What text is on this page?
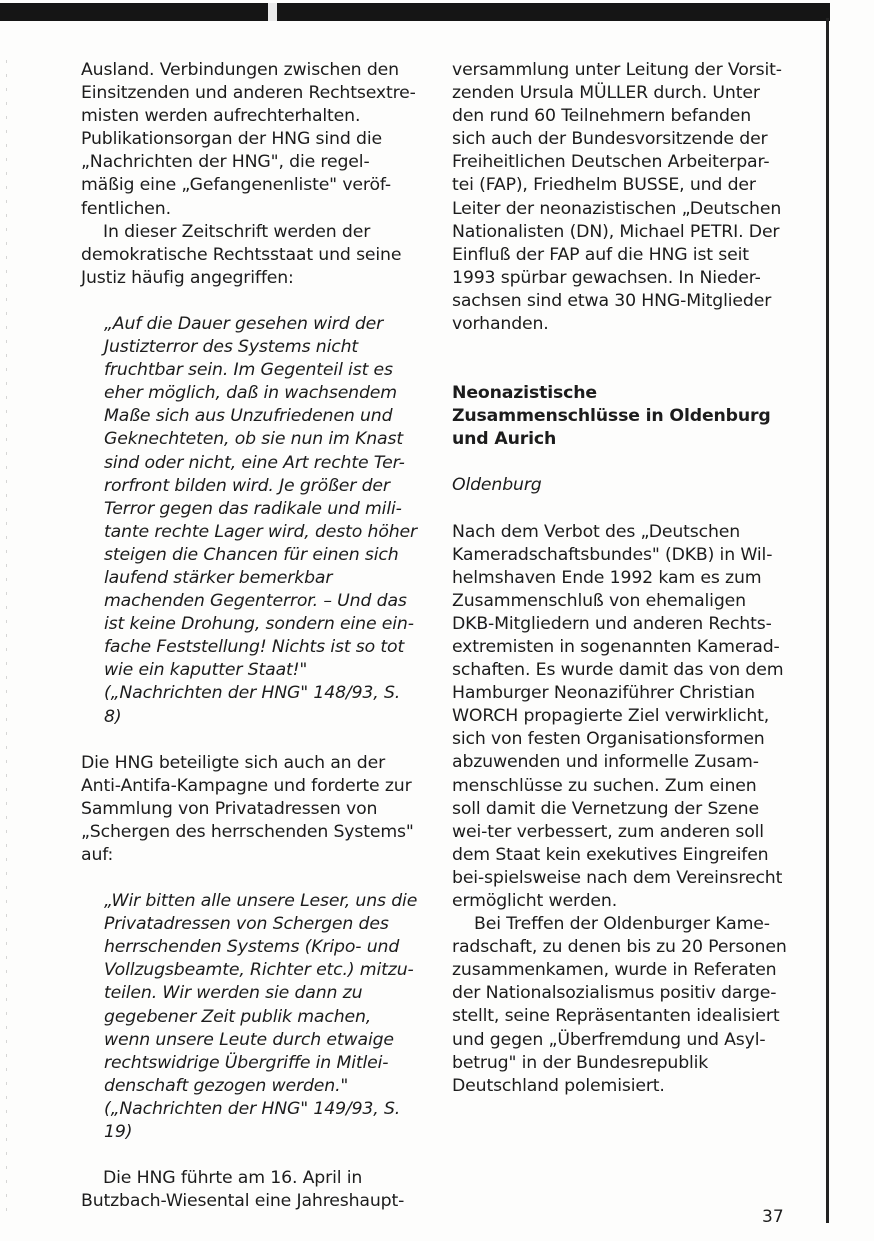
Ausland. Verbindungen zwischen den Einsitzenden und anderen Rechtsextre-misten werden aufrechterhalten. Publikationsorgan der HNG sind die „Nachrichten der HNG", die regel-mäßig eine „Gefangenenliste" veröf-fentlichen.

In dieser Zeitschrift werden der demokratische Rechtsstaat und seine Justiz häufig angegriffen:

„Auf die Dauer gesehen wird der Justizterror des Systems nicht fruchtbar sein. Im Gegenteil ist es eher möglich, daß in wachsendem Maße sich aus Unzufriedenen und Geknechteten, ob sie nun im Knast sind oder nicht, eine Art rechte Ter-rorfront bilden wird. Je größer der Terror gegen das radikale und mili-tante rechte Lager wird, desto höher steigen die Chancen für einen sich laufend stärker bemerkbar machenden Gegenterror. – Und das ist keine Drohung, sondern eine ein-fache Feststellung! Nichts ist so tot wie ein kaputter Staat!"

(„Nachrichten der HNG" 148/93, S. 8)

Die HNG beteiligte sich auch an der Anti-Antifa-Kampagne und forderte zur Sammlung von Privatadressen von „Schergen des herrschenden Systems" auf:

„Wir bitten alle unsere Leser, uns die Privatadressen von Schergen des herrschenden Systems (Kripo- und Vollzugsbeamte, Richter etc.) mitzu-teilen. Wir werden sie dann zu gegebener Zeit publik machen, wenn unsere Leute durch etwaige rechtswidrige Übergriffe in Mitlei-denschaft gezogen werden."

(„Nachrichten der HNG" 149/93, S. 19)

Die HNG führte am 16. April in Butzbach-Wiesental eine Jahreshaupt-

versammlung unter Leitung der Vorsit-zenden Ursula MÜLLER durch. Unter den rund 60 Teilnehmern befanden sich auch der Bundesvorsitzende der Freiheitlichen Deutschen Arbeiterpar-tei (FAP), Friedhelm BUSSE, und der Leiter der neonazistischen „Deutschen Nationalisten (DN), Michael PETRI. Der Einfluß der FAP auf die HNG ist seit 1993 spürbar gewachsen. In Nieder-sachsen sind etwa 30 HNG-Mitglieder vorhanden.

Neonazistische Zusammenschlüsse in Oldenburg und Aurich

Oldenburg

Nach dem Verbot des „Deutschen Kameradschaftsbundes" (DKB) in Wil-helmshaven Ende 1992 kam es zum Zusammenschluß von ehemaligen DKB-Mitgliedern und anderen Rechts-extremisten in sogenannten Kamerad-schaften. Es wurde damit das von dem Hamburger Neonaziführer Christian WORCH propagierte Ziel verwirklicht, sich von festen Organisationsformen abzuwenden und informelle Zusam-menschlüsse zu suchen. Zum einen soll damit die Vernetzung der Szene wei-ter verbessert, zum anderen soll dem Staat kein exekutives Eingreifen bei-spielsweise nach dem Vereinsrecht ermöglicht werden.

Bei Treffen der Oldenburger Kame-radschaft, zu denen bis zu 20 Personen zusammenkamen, wurde in Referaten der Nationalsozialismus positiv darge-stellt, seine Repräsentanten idealisiert und gegen „Überfremdung und Asyl-betrug" in der Bundesrepublik Deutschland polemisiert.

37
